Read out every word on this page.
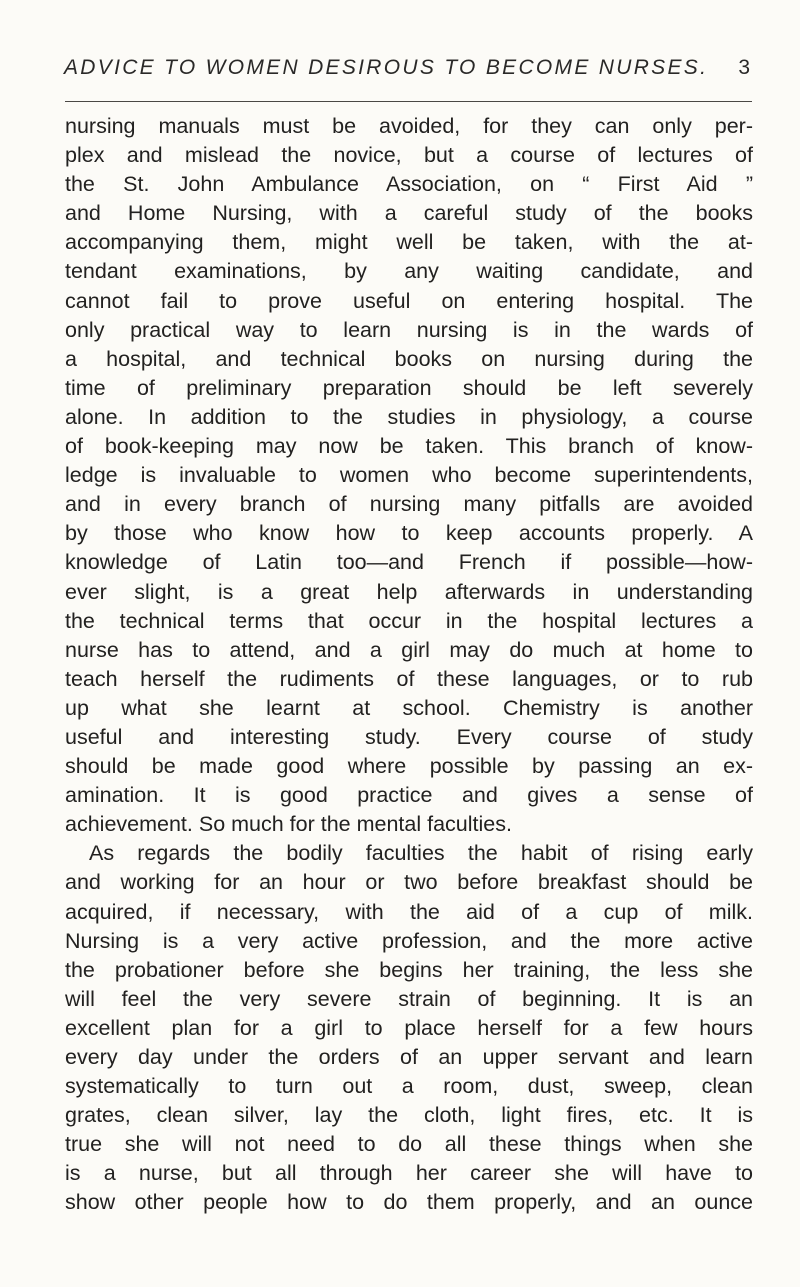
ADVICE TO WOMEN DESIROUS TO BECOME NURSES. 3
nursing manuals must be avoided, for they can only per-
plex and mislead the novice, but a course of lectures of
the St. John Ambulance Association, on “ First Aid ”
and Home Nursing, with a careful study of the books
accompanying them, might well be taken, with the at-
tendant examinations, by any waiting candidate, and
cannot fail to prove useful on entering hospital. The
only practical way to learn nursing is in the wards of
a hospital, and technical books on nursing during the
time of preliminary preparation should be left severely
alone. In addition to the studies in physiology, a course
of book-keeping may now be taken. This branch of know-
ledge is invaluable to women who become superintendents,
and in every branch of nursing many pitfalls are avoided
by those who know how to keep accounts properly. A
knowledge of Latin too—and French if possible—how-
ever slight, is a great help afterwards in understanding
the technical terms that occur in the hospital lectures a
nurse has to attend, and a girl may do much at home to
teach herself the rudiments of these languages, or to rub
up what she learnt at school. Chemistry is another
useful and interesting study. Every course of study
should be made good where possible by passing an ex-
amination. It is good practice and gives a sense of
achievement. So much for the mental faculties.
As regards the bodily faculties the habit of rising early
and working for an hour or two before breakfast should be
acquired, if necessary, with the aid of a cup of milk.
Nursing is a very active profession, and the more active
the probationer before she begins her training, the less she
will feel the very severe strain of beginning. It is an
excellent plan for a girl to place herself for a few hours
every day under the orders of an upper servant and learn
systematically to turn out a room, dust, sweep, clean
grates, clean silver, lay the cloth, light fires, etc. It is
true she will not need to do all these things when she
is a nurse, but all through her career she will have to
show other people how to do them properly, and an ounce
